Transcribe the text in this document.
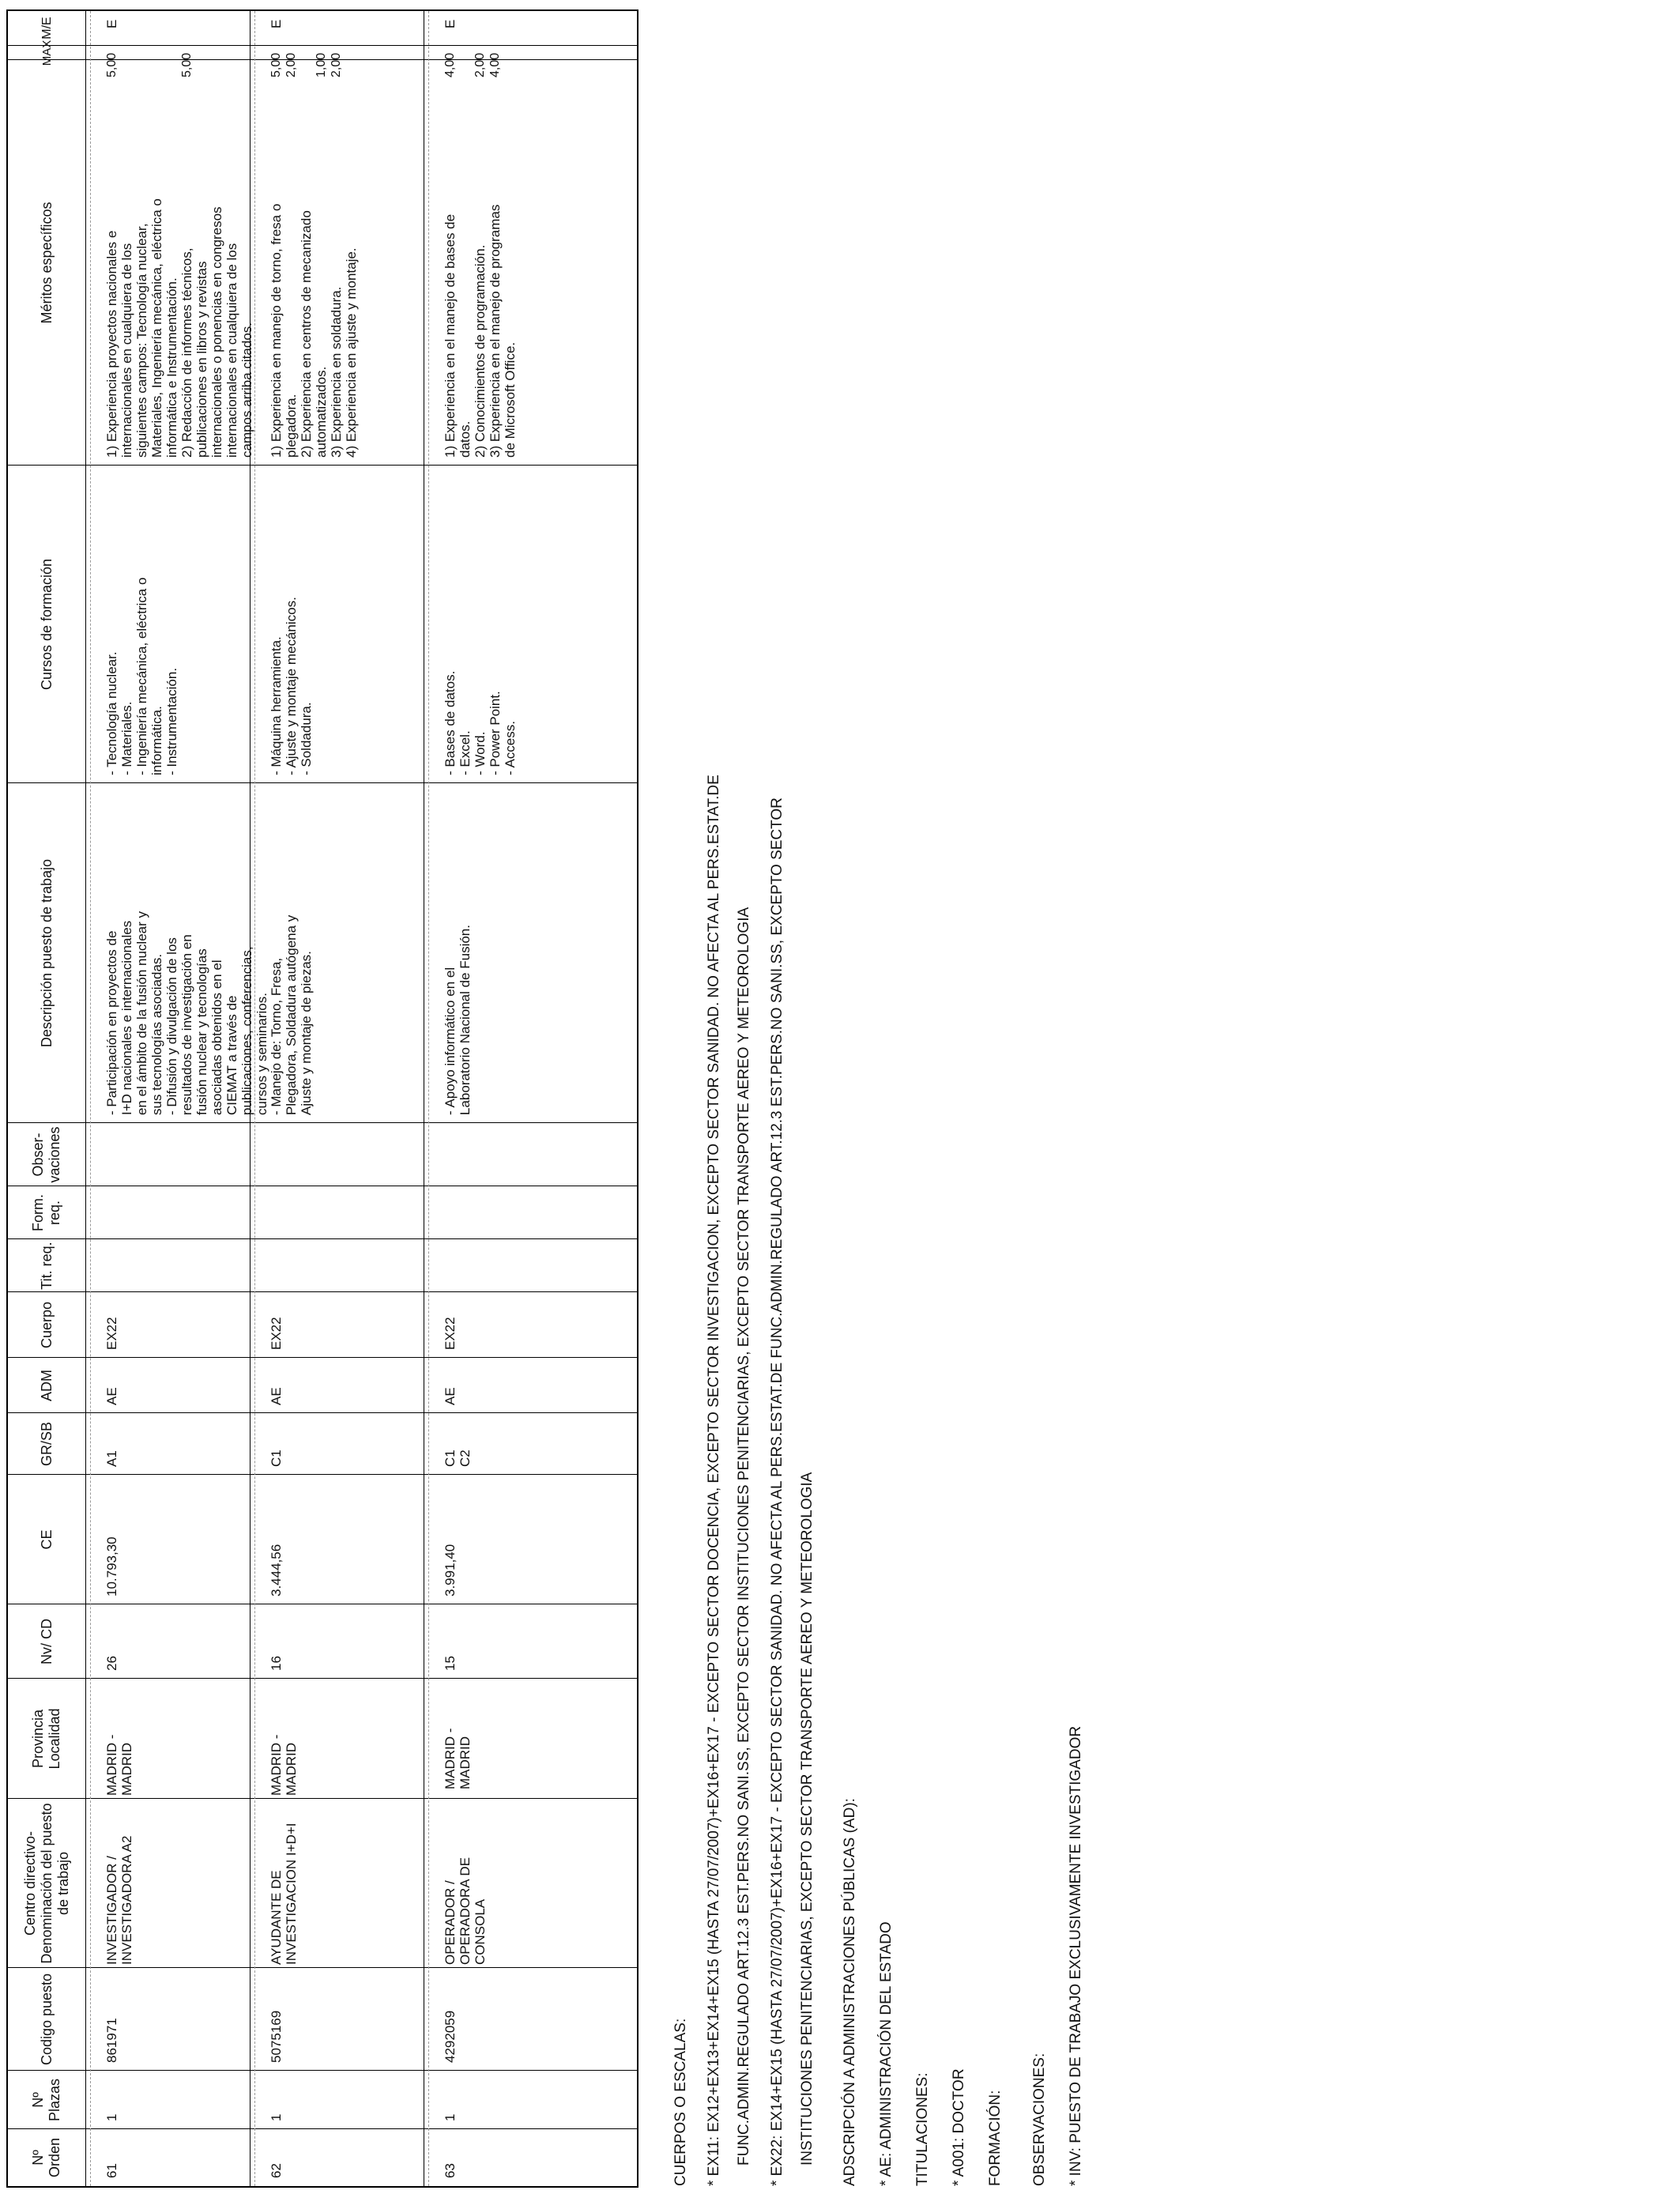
Nº Orden
Nº Plazas
Codigo puesto
Centro directivo- Denominación del puesto de trabajo
Provincia Localidad
Nv/ CD
CE
GR/SB
ADM
Cuerpo
Tit. req.
Form. req.
Obser- vaciones
Descripción puesto de trabajo
Cursos de formación
Méritos específicos
MAX
M/E
61
1
861971
INVESTIGADOR /
INVESTIGADORA A2
MADRID -
MADRID
26
10.793,30
A1
AE
EX22
- Participación en proyectos de
I+D nacionales e internacionales
en el ámbito de la fusión nuclear y
sus tecnologías asociadas.
- Difusión y divulgación de los
resultados de investigación en
fusión nuclear y tecnologías
asociadas obtenidos en el
CIEMAT a través de
publicaciones, conferencias,
cursos y seminarios.
- Tecnología nuclear.
- Materiales.
- Ingeniería mecánica, eléctrica o
informática.
- Instrumentación.
1) Experiencia proyectos nacionales e
internacionales en cualquiera de los
siguientes campos: Tecnología nuclear,
Materiales, Ingeniería mecánica, eléctrica o
informática e Instrumentación.
2) Redacción de informes técnicos,
publicaciones en libros y revistas
internacionales o ponencias en congresos
internacionales en cualquiera de los
campos arriba citados.
5,00

5,00
E
62
1
5075169
AYUDANTE DE
INVESTIGACION I+D+I
MADRID -
MADRID
16
3.444,56
C1
AE
EX22
- Manejo de: Torno, Fresa,
Plegadora, Soldadura autógena y
Ajuste y montaje de piezas.
- Máquina herramienta.
- Ajuste y montaje mecánicos.
- Soldadura.
1) Experiencia en manejo de torno, fresa o
plegadora.
2) Experiencia en centros de mecanizado
automatizados.
3) Experiencia en soldadura.
4) Experiencia en ajuste y montaje.
5,00
2,00

1,00
2,00
E
63
1
4292059
OPERADOR / OPERADORA DE
CONSOLA
MADRID -
MADRID
15
3.991,40
C1
C2
AE
EX22
- Apoyo informático en el
Laboratorio Nacional de Fusión.
- Bases de datos.
- Excel.
- Word.
- Power Point.
- Access.
1) Experiencia en el manejo de bases de
datos.
2) Conocimientos de programación.
3) Experiencia en el manejo de programas
de Microsoft Office.
4,00

2,00
4,00
E
CUERPOS O ESCALAS: * EX11: EX12+EX13+EX14+EX15 (HASTA 27/07/2007)+EX16+EX17 - EXCEPTO SECTOR DOCENCIA, EXCEPTO SECTOR INVESTIGACION, EXCEPTO SECTOR SANIDAD. NO AFECTA AL PERS.ESTAT.DE FUNC.ADMIN.REGULADO ART.12.3 EST.PERS.NO SANI.SS, EXCEPTO SECTOR INSTITUCIONES PENITENCIARIAS, EXCEPTO SECTOR TRANSPORTE AEREO Y METEOROLOGIA * EX22: EX14+EX15 (HASTA 27/07/2007)+EX16+EX17 - EXCEPTO SECTOR SANIDAD. NO AFECTA AL PERS.ESTAT.DE FUNC.ADMIN.REGULADO ART.12.3 EST.PERS.NO SANI.SS, EXCEPTO SECTOR INSTITUCIONES PENITENCIARIAS, EXCEPTO SECTOR TRANSPORTE AEREO Y METEOROLOGIA ADSCRIPCIÓN A ADMINISTRACIONES PÚBLICAS (AD): * AE: ADMINISTRACIÓN DEL ESTADO TITULACIONES: * A001: DOCTOR FORMACIÓN: OBSERVACIONES: * INV: PUESTO DE TRABAJO EXCLUSIVAMENTE INVESTIGADOR
